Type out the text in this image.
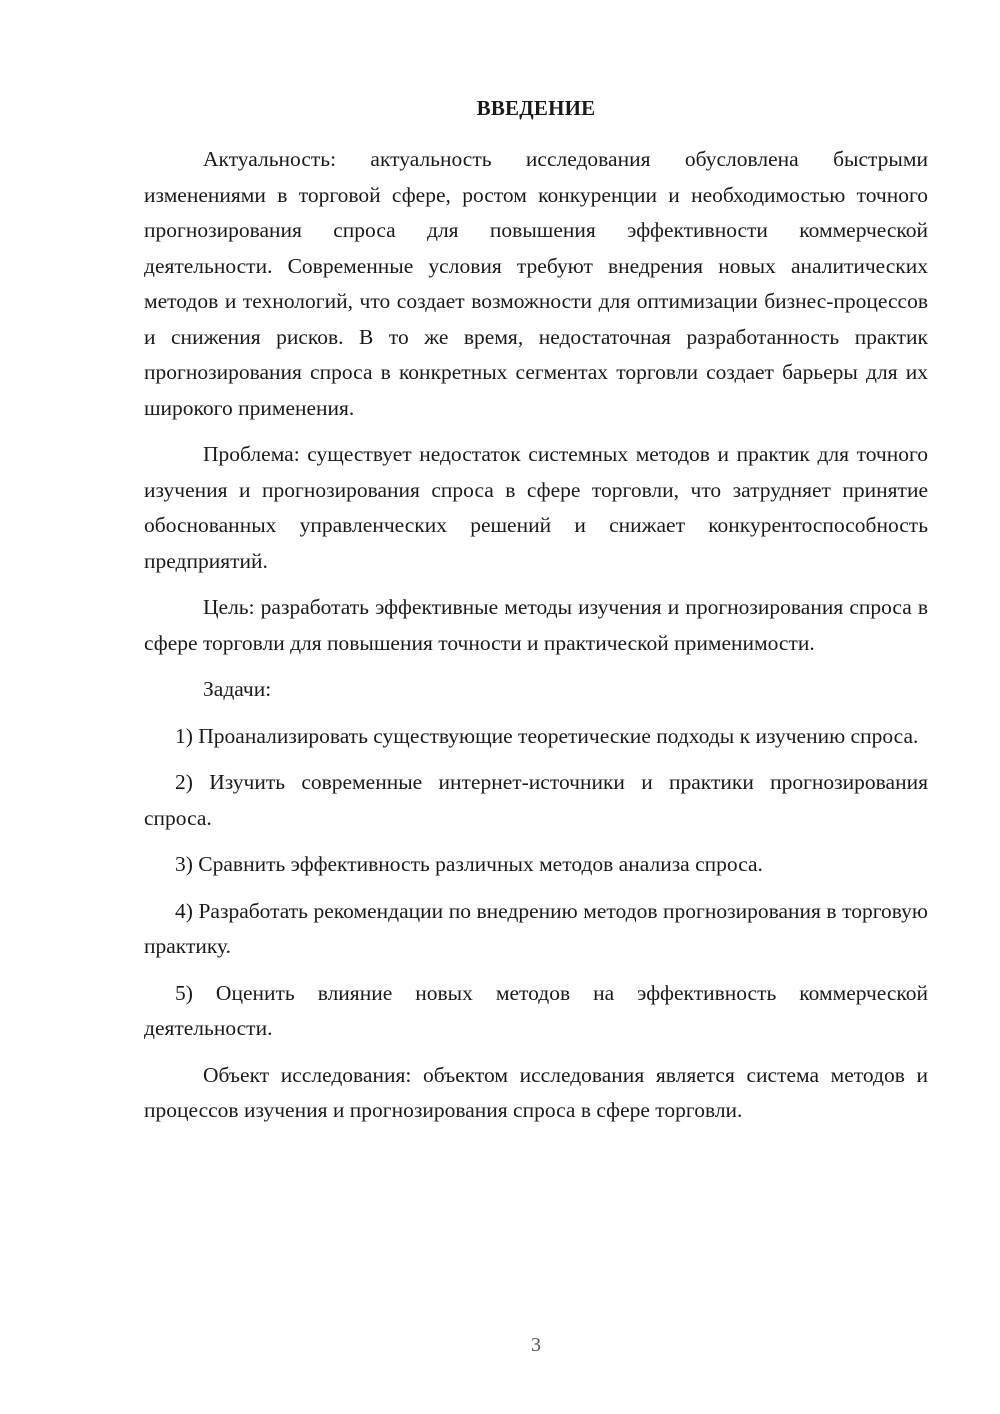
ВВЕДЕНИЕ

Актуальность: актуальность исследования обусловлена быстрыми изменениями в торговой сфере, ростом конкуренции и необходимостью точного прогнозирования спроса для повышения эффективности коммерческой деятельности. Современные условия требуют внедрения новых аналитических методов и технологий, что создает возможности для оптимизации бизнес-процессов и снижения рисков. В то же время, недостаточная разработанность практик прогнозирования спроса в конкретных сегментах торговли создает барьеры для их широкого применения.

Проблема: существует недостаток системных методов и практик для точного изучения и прогнозирования спроса в сфере торговли, что затрудняет принятие обоснованных управленческих решений и снижает конкурентоспособность предприятий.

Цель: разработать эффективные методы изучения и прогнозирования спроса в сфере торговли для повышения точности и практической применимости.

Задачи:

1) Проанализировать существующие теоретические подходы к изучению спроса.

2) Изучить современные интернет-источники и практики прогнозирования спроса.

3) Сравнить эффективность различных методов анализа спроса.

4) Разработать рекомендации по внедрению методов прогнозирования в торговую практику.

5) Оценить влияние новых методов на эффективность коммерческой деятельности.

Объект исследования: объектом исследования является система методов и процессов изучения и прогнозирования спроса в сфере торговли.

3
